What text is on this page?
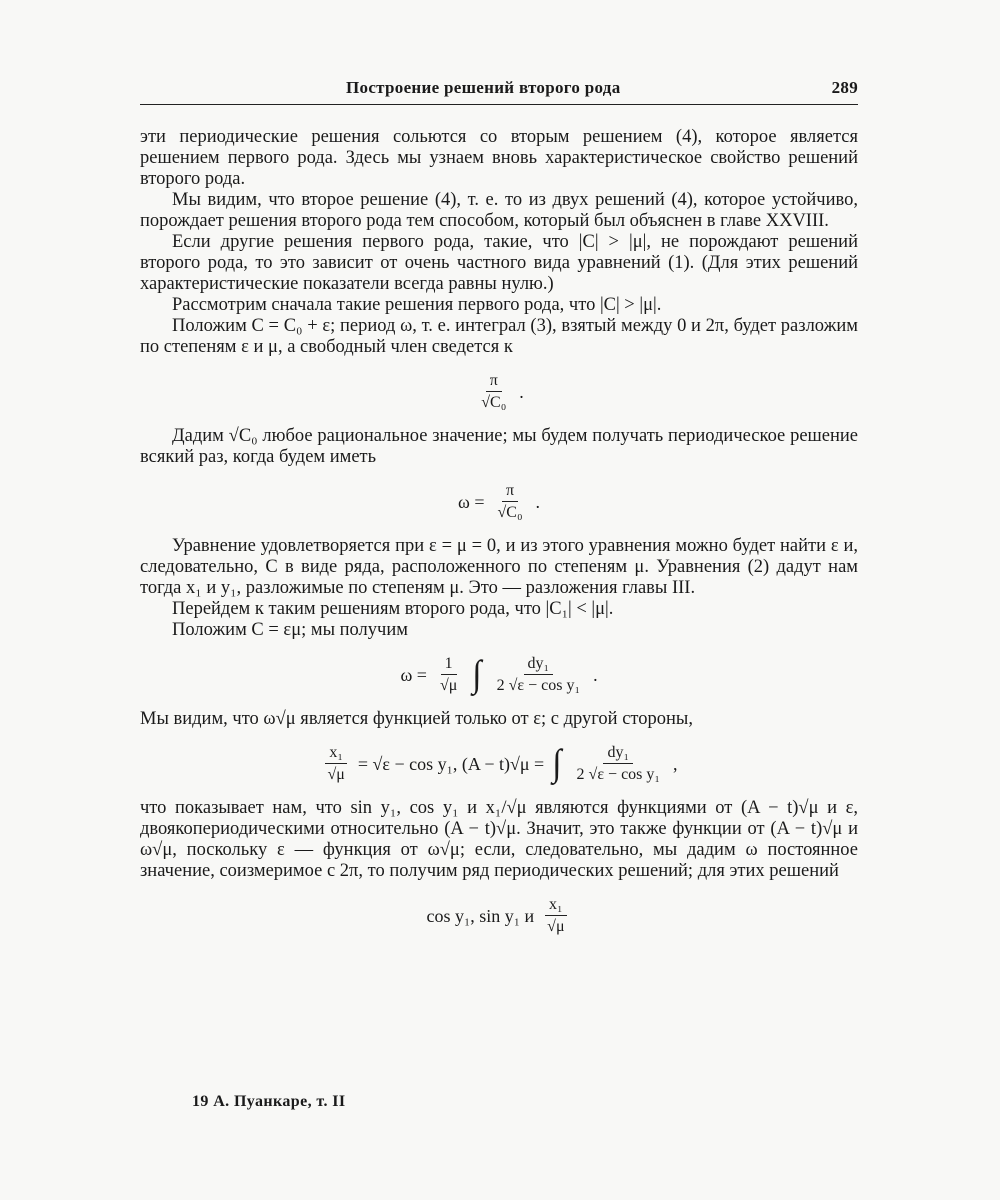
Построение решений второго рода	289

эти периодические решения сольются со вторым решением (4), которое является решением первого рода. Здесь мы узнаем вновь характеристическое свойство решений второго рода.

Мы видим, что второе решение (4), т. е. то из двух решений (4), которое устойчиво, порождает решения второго рода тем способом, который был объяснен в главе XXVIII.

Если другие решения первого рода, такие, что |C| > |μ|, не порождают решений второго рода, то это зависит от очень частного вида уравнений (1). (Для этих решений характеристические показатели всегда равны нулю.)

Рассмотрим сначала такие решения первого рода, что |C| > |μ|.

Положим C = C₀ + ε; период ω, т. е. интеграл (3), взятый между 0 и 2π, будет разложим по степеням ε и μ, а свободный член сведется к

$\frac{\pi}{\text{√C₀}}$ .

Дадим √C₀ любое рациональное значение; мы будем получать периодическое решение всякий раз, когда будем иметь

$\omega = \frac{\pi}{\text{√C₀}}$ .

Уравнение удовлетворяется при ε = μ = 0, и из этого уравнения можно будет найти ε и, следовательно, C в виде ряда, расположенного по степеням μ. Уравнения (2) дадут нам тогда x₁ и y₁, разложимые по степеням μ. Это — разложения главы III.

Перейдем к таким решениям второго рода, что |C₁| < |μ|.

Положим C = εμ; мы получим

$\omega = \frac{1}{√\mu}$ ∫ $\frac{\text{dy₁}}{\text{2 √ε − cos y₁}}$ .

Мы видим, что ω√μ является функцией только от ε; с другой стороны,

$\frac{\text{x₁}}{√\mu} = √\varepsilon - \cos y_1$, (A − t)√μ = ∫ $\frac{\text{dy₁}}{\text{2 √ε − cos y₁}}$ ,

что показывает нам, что sin y₁, cos y₁ и x₁/√μ являются функциями от (A − t)√μ и ε, двоякопериодическими относительно (A − t)√μ. Значит, это также функции от (A − t)√μ и ω√μ, поскольку ε — функция от ω√μ; если, следовательно, мы дадим ω постоянное значение, соизмеримое с 2π, то получим ряд периодических решений; для этих решений

cos y₁, sin y₁ и $\frac{\text{x₁}}{√\mu}$
19 А. Пуанкаре, т. II
